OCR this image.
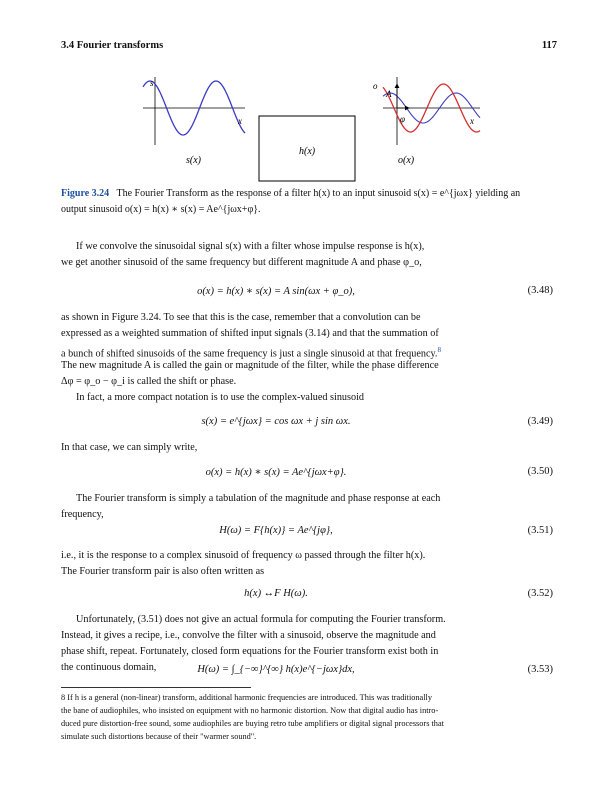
3.4 Fourier transforms	117
s
x
s(x)
h(x)
o
A
φ	x
o(x)
Figure 3.24 The Fourier Transform as the response of a filter h(x) to an input sinusoid s(x) = e^{jωx} yielding an
output sinusoid o(x) = h(x) ∗ s(x) = Ae^{jωx+φ}.
If we convolve the sinusoidal signal s(x) with a filter whose impulse response is h(x),
we get another sinusoid of the same frequency but different magnitude A and phase φ_o,
o(x) = h(x) ∗ s(x) = A sin(ωx + φ_o),	(3.48)
as shown in Figure 3.24. To see that this is the case, remember that a convolution can be
expressed as a weighted summation of shifted input signals (3.14) and that the summation of
a bunch of shifted sinusoids of the same frequency is just a single sinusoid at that frequency.$^8$
The new magnitude A is called the gain or magnitude of the filter, while the phase difference
Δφ = φ_o − φ_i is called the shift or phase.
In fact, a more compact notation is to use the complex-valued sinusoid
s(x) = e^{jωx} = cos ωx + j sin ωx.	(3.49)
In that case, we can simply write,
o(x) = h(x) ∗ s(x) = Ae^{jωx+φ}.	(3.50)
The Fourier transform is simply a tabulation of the magnitude and phase response at each
frequency,
H(ω) = F{h(x)} = Ae^{jφ},	(3.51)
i.e., it is the response to a complex sinusoid of frequency ω passed through the filter h(x).
The Fourier transform pair is also often written as
h(x) ↔F H(ω).	(3.52)
Unfortunately, (3.51) does not give an actual formula for computing the Fourier transform.
Instead, it gives a recipe, i.e., convolve the filter with a sinusoid, observe the magnitude and
phase shift, repeat. Fortunately, closed form equations for the Fourier transform exist both in
the continuous domain,	H(ω) = ∫_{−∞}^{∞} h(x)e^{−jωx}dx,	(3.53)
8 If h is a general (non-linear) transform, additional harmonic frequencies are introduced. This was traditionally
the bane of audiophiles, who insisted on equipment with no harmonic distortion. Now that digital audio has intro-
duced pure distortion-free sound, some audiophiles are buying retro tube amplifiers or digital signal processors that
simulate such distortions because of their "warmer sound".
